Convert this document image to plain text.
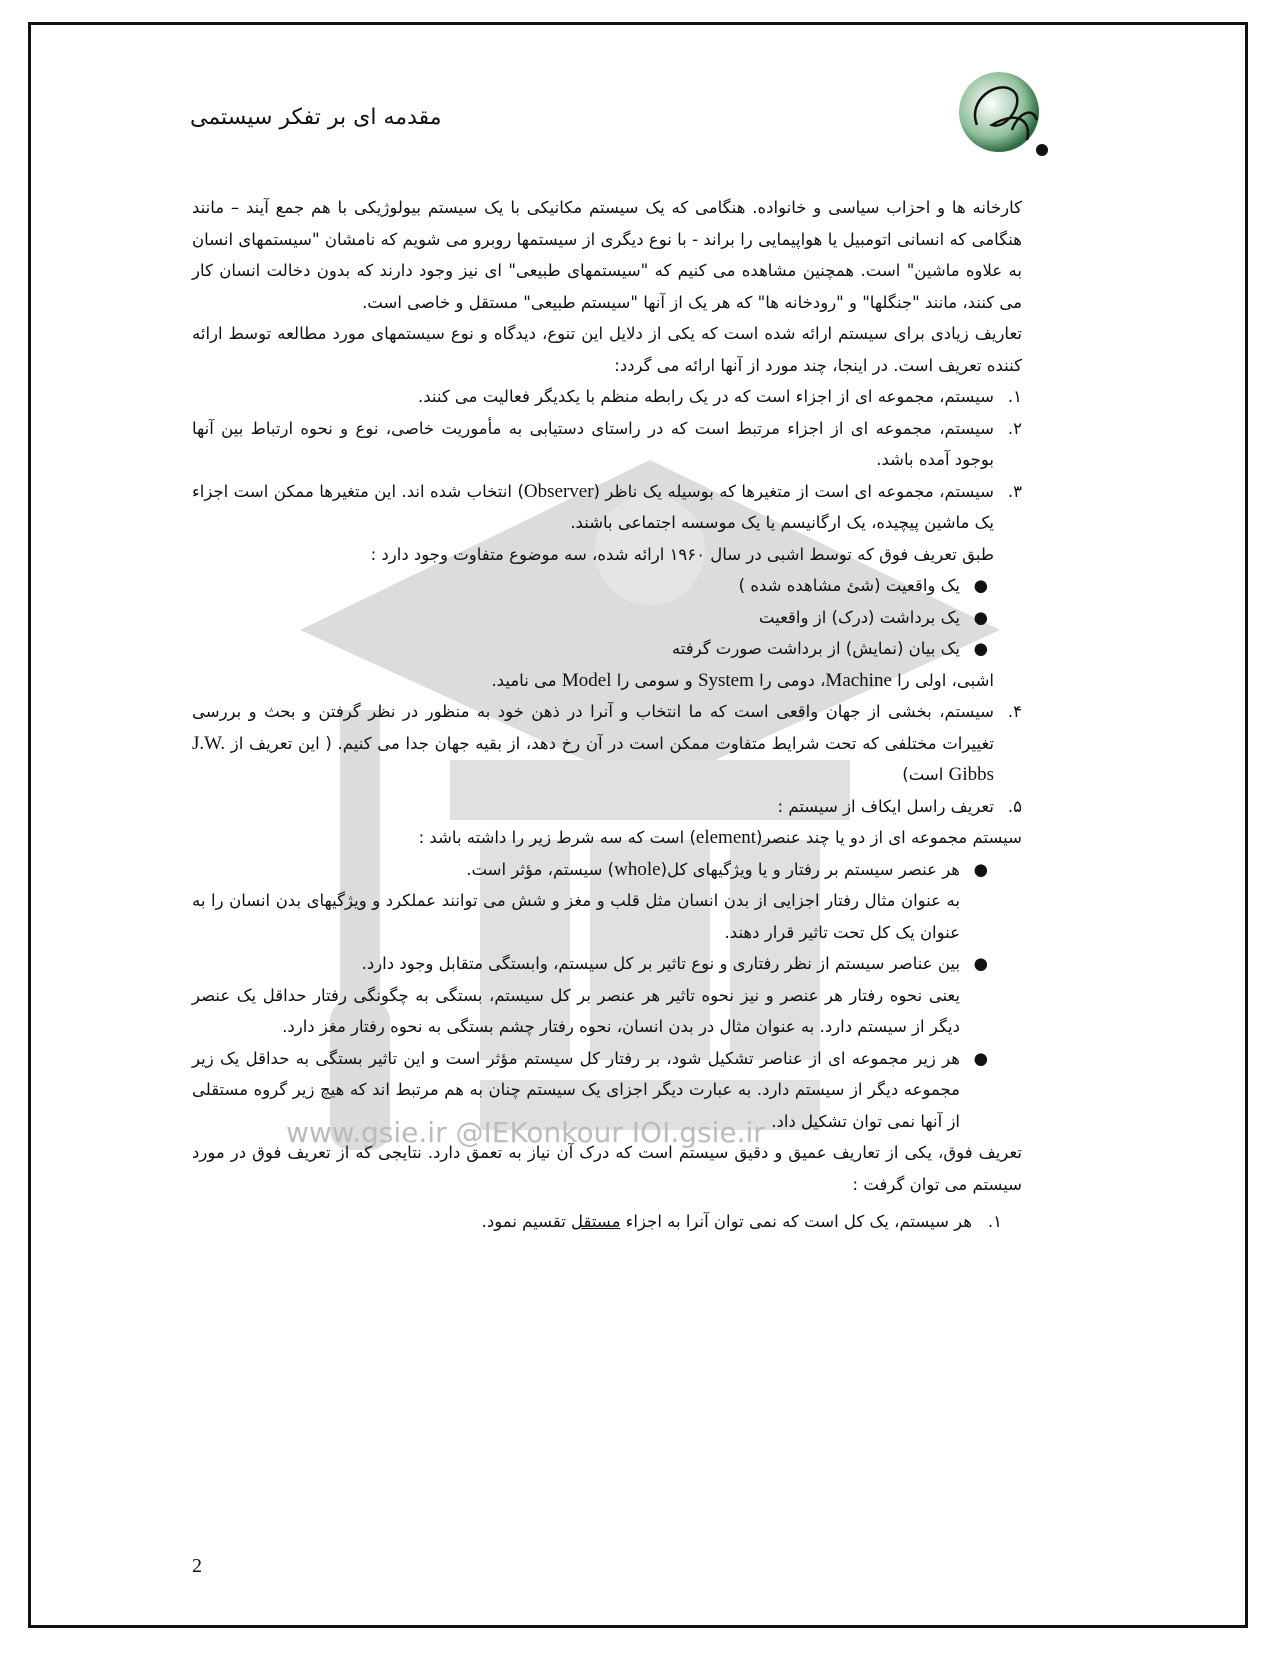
www.gsie.ir @IEKonkour IOI.gsie.ir
مقدمه ای بر تفکر سیستمی

کارخانه ها و احزاب سیاسی و خانواده. هنگامی که یک سیستم مکانیکی با یک سیستم بیولوژیکی با هم جمع آیند – مانند هنگامی که انسانی اتومبیل یا هواپیمایی را براند - با نوع دیگری از سیستمها روبرو می شویم که نامشان "سیستمهای انسان به علاوه ماشین" است. همچنین مشاهده می کنیم که "سیستمهای طبیعی" ای نیز وجود دارند که بدون دخالت انسان کار می کنند، مانند "جنگلها" و "رودخانه ها" که هر یک از آنها "سیستم طبیعی" مستقل و خاصی است.

تعاریف زیادی برای سیستم ارائه شده است که یکی از دلایل این تنوع، دیدگاه و نوع سیستمهای مورد مطالعه توسط ارائه کننده تعریف است. در اینجا، چند مورد از آنها ارائه می گردد:

۱.
سیستم، مجموعه ای از اجزاء است که در یک رابطه منظم با یکدیگر فعالیت می کنند.

۲.
سیستم، مجموعه ای از اجزاء مرتبط است که در راستای دستیابی به مأموریت خاصی، نوع و نحوه ارتباط بین آنها بوجود آمده باشد.

۳.
سیستم، مجموعه ای است از متغیرها که بوسیله یک ناظر (Observer) انتخاب شده اند. این متغیرها ممکن است اجزاء یک ماشین پیچیده، یک ارگانیسم یا یک موسسه اجتماعی باشند.

طبق تعریف فوق که توسط اشبی در سال ۱۹۶۰ ارائه شده، سه موضوع متفاوت وجود دارد :

●
یک واقعیت (شئ مشاهده شده )

●
یک برداشت (درک) از واقعیت

●
یک بیان (نمایش) از برداشت صورت گرفته

اشبی، اولی را Machine، دومی را System و سومی را Model می نامید.

۴.
سیستم، بخشی از جهان واقعی است که ما انتخاب و آنرا در ذهن خود به منظور در نظر گرفتن و بحث و بررسی تغییرات مختلفی که تحت شرایط متفاوت ممکن است در آن رخ دهد، از بقیه جهان جدا می کنیم. ( این تعریف از J.W. Gibbs است)

۵.
تعریف راسل ایکاف از سیستم :

سیستم مجموعه ای از دو یا چند عنصر(element) است که سه شرط زیر را داشته باشد :

●
هر عنصر سیستم بر رفتار و یا ویژگیهای کل(whole) سیستم، مؤثر است.

به عنوان مثال رفتار اجزایی از بدن انسان مثل قلب و مغز و شش می توانند عملکرد و ویژگیهای بدن انسان را به عنوان یک کل تحت تاثیر قرار دهند.

●
بین عناصر سیستم از نظر رفتاری و نوع تاثیر بر کل سیستم، وابستگی متقابل وجود دارد.

یعنی نحوه رفتار هر عنصر و نیز نحوه تاثیر هر عنصر بر کل سیستم، بستگی به چگونگی رفتار حداقل یک عنصر دیگر از سیستم دارد. به عنوان مثال در بدن انسان، نحوه رفتار چشم بستگی به نحوه رفتار مغز دارد.

●
هر زیر مجموعه ای از عناصر تشکیل شود، بر رفتار کل سیستم مؤثر است و این تاثیر بستگی به حداقل یک زیر مجموعه دیگر از سیستم دارد. به عبارت دیگر اجزای یک سیستم چنان به هم مرتبط اند که هیچ زیر گروه مستقلی از آنها نمی توان تشکیل داد.

تعریف فوق، یکی از تعاریف عمیق و دقیق سیستم است که درک آن نیاز به تعمق دارد. نتایجی که از تعریف فوق در مورد سیستم می توان گرفت :

۱.
هر سیستم، یک کل است که نمی توان آنرا به اجزاء مستقل تقسیم نمود.

2
